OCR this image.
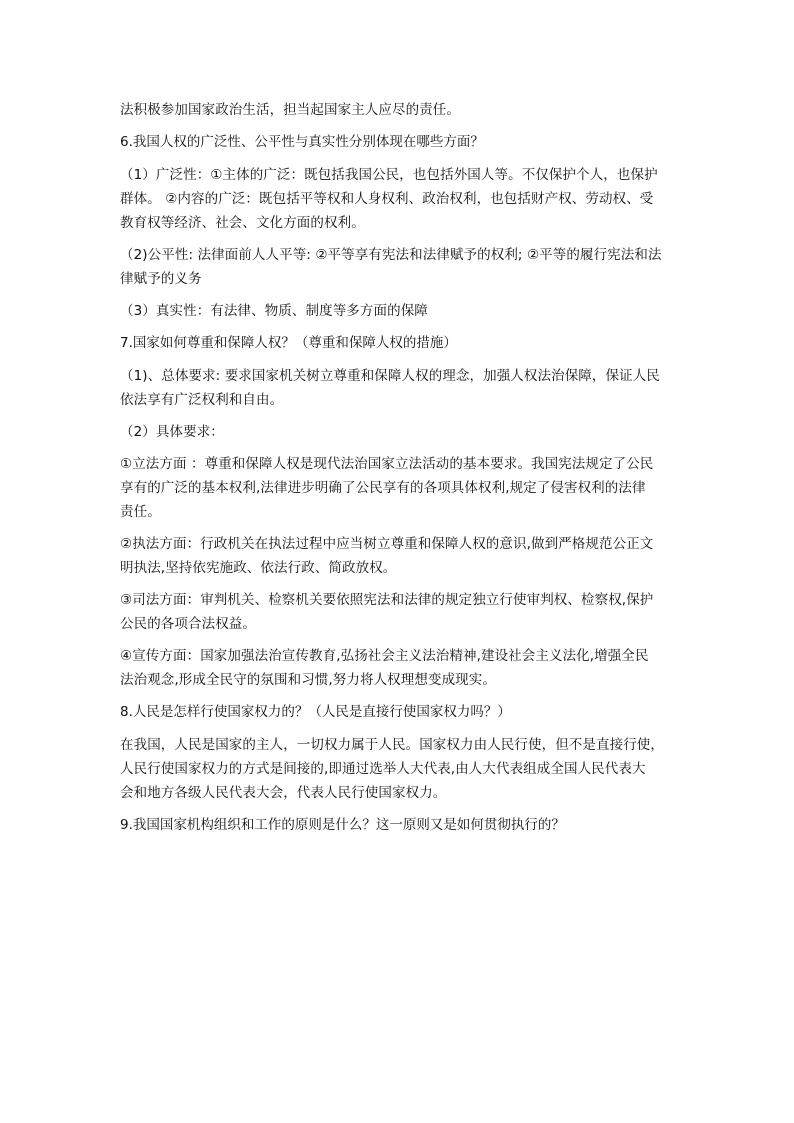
法积极参加国家政治生活，担当起国家主人应尽的责任。
6.我国人权的广泛性、公平性与真实性分别体现在哪些方面？
（1）广泛性：①主体的广泛：既包括我国公民，也包括外国人等。不仅保护个人，也保护
群体。 ②内容的广泛：既包括平等权和人身权利、政治权利，也包括财产权、劳动权、受
教育权等经济、社会、文化方面的权利。
（2)公平性: 法律面前人人平等: ②平等享有宪法和法律赋予的权利; ②平等的履行宪法和法
律赋予的义务
（3）真实性：有法律、物质、制度等多方面的保障
7.国家如何尊重和保障人权？（尊重和保障人权的措施）
（1)、总体要求: 要求国家机关树立尊重和保障人权的理念，加强人权法治保障，保证人民
依法享有广泛权利和自由。
（2）具体要求：
①立法方面 ：尊重和保障人权是现代法治国家立法活动的基本要求。我国宪法规定了公民
享有的广泛的基本权利,法律进步明确了公民享有的各项具体权利,规定了侵害权利的法律
责任。
②执法方面：行政机关在执法过程中应当树立尊重和保障人权的意识,做到严格规范公正文
明执法,坚持依宪施政、依法行政、简政放权。
③司法方面：审判机关、检察机关要依照宪法和法律的规定独立行使审判权、检察权,保护
公民的各项合法权益。
④宣传方面：国家加强法治宣传教育,弘扬社会主义法治精神,建设社会主义法化,增强全民
法治观念,形成全民守的氛围和习惯,努力将人权理想变成现实。
8.人民是怎样行使国家权力的？（人民是直接行使国家权力吗？）
在我国，人民是国家的主人，一切权力属于人民。国家权力由人民行使，但不是直接行使，
人民行使国家权力的方式是间接的,即通过选举人大代表,由人大代表组成全国人民代表大
会和地方各级人民代表大会，代表人民行使国家权力。
9.我国国家机构组织和工作的原则是什么？这一原则又是如何贯彻执行的？
